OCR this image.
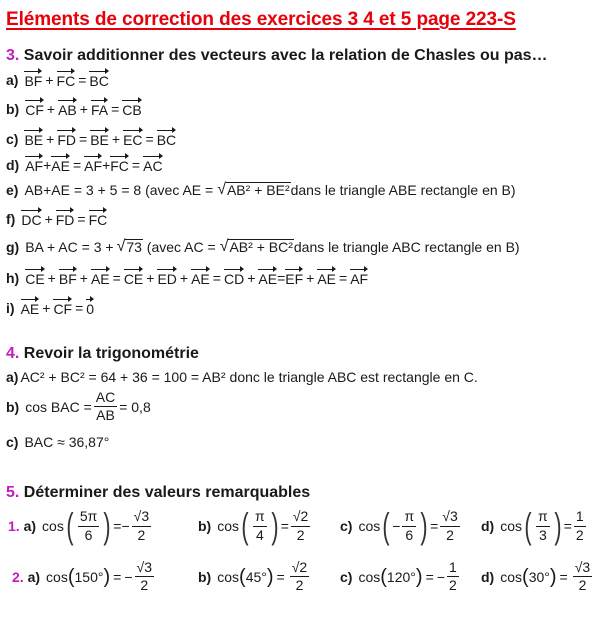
Eléments de correction des exercices 3 4 et 5 page 223-S
3. Savoir additionner des vecteurs avec la relation de Chasles ou pas…
a) BF + FC = BC
b) CF + AB + FA = CB
c) BE + FD = BE + EC = BC
d) AF + AE = AF + FC = AC
e) AB+AE = 3 + 5 = 8 (avec AE = √ AB² + BE² dans le triangle ABE rectangle en B)
f) DC + FD = FC
g) BA + AC = 3 + √ 73 (avec AC = √ AB² + BC² dans le triangle ABC rectangle en B)
h) CE + BF + AE = CE + ED + AE = CD + AE = EF + AE = AF
i) AE + CF = 0
4. Revoir la trigonométrie
a) AC² + BC² = 64 + 36 = 100 = AB² donc le triangle ABC est rectangle en C.
b) cos BAC = $\frac{AC}{AB} = 0,8$
c) BAC ≈ 36,87°
5. Déterminer des valeurs remarquables
1. a) cos ( $\frac{5\pi}{6}$ ) = − $\frac{√3}{2}$	b) cos ( $\frac{\pi}{4}$ ) = $\frac{√2}{2} c$) cos ( − $\frac{\pi}{6}$ ) = $\frac{√3}{2} d$) cos ( $\frac{\pi}{3}$ ) = $\frac{1}{2}$
2. a) cos ( 150° ) = − $\frac{√3}{2}$	b) cos ( 45° ) = $\frac{√2}{2} c$) cos ( 120° ) = − $\frac{1}{2} d$) cos ( 30° ) = $\frac{√3}{2}$
